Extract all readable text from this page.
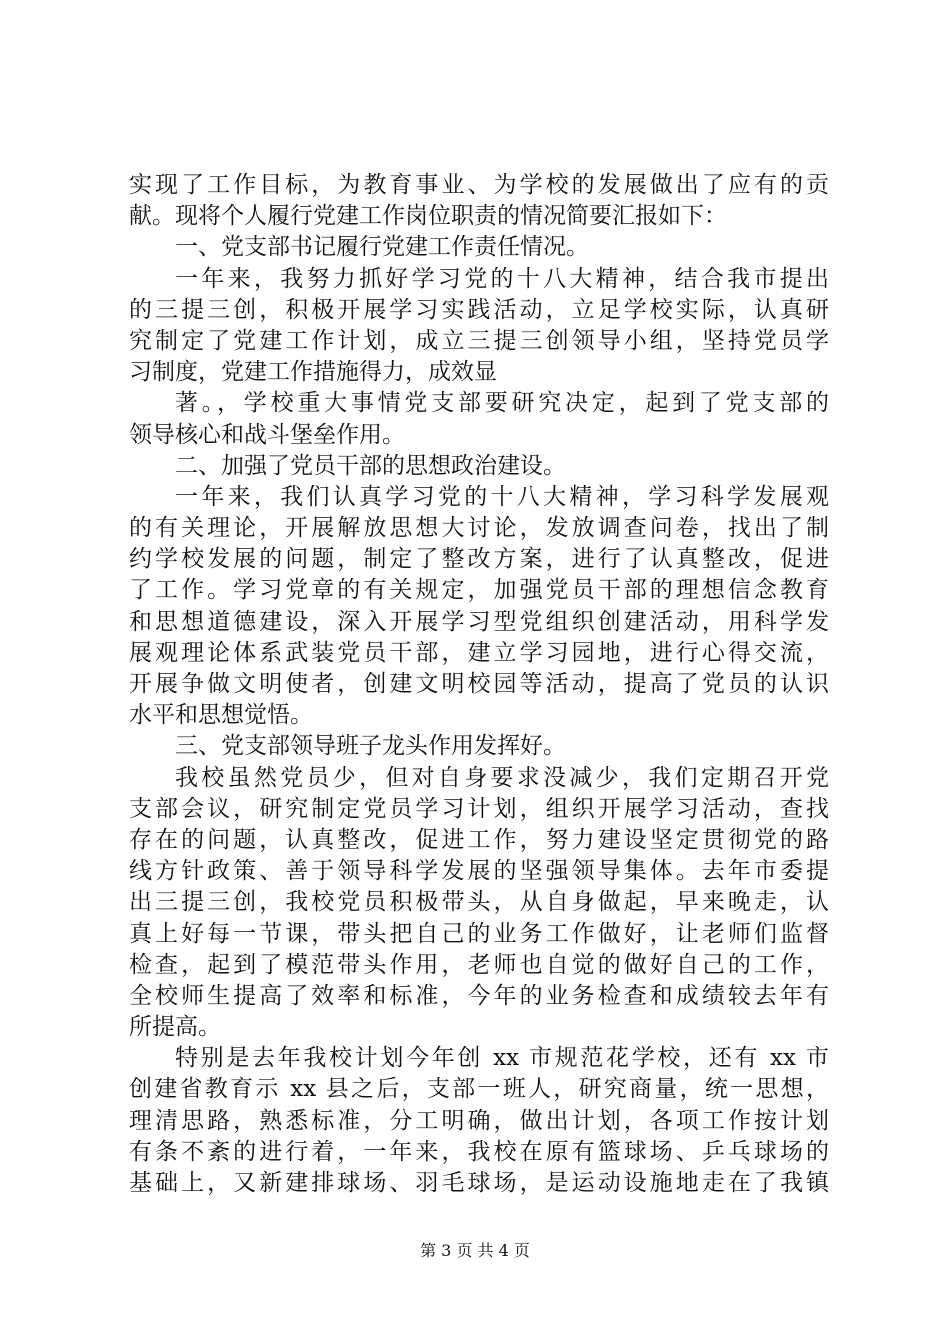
实现了工作目标，为教育事业、为学校的发展做出了应有的贡
献。现将个人履行党建工作岗位职责的情况简要汇报如下：
一、党支部书记履行党建工作责任情况。
一年来，我努力抓好学习党的十八大精神，结合我市提出
的三提三创，积极开展学习实践活动，立足学校实际，认真研
究制定了党建工作计划，成立三提三创领导小组，坚持党员学
习制度，党建工作措施得力，成效显
著。，学校重大事情党支部要研究决定，起到了党支部的
领导核心和战斗堡垒作用。
二、加强了党员干部的思想政治建设。
一年来，我们认真学习党的十八大精神，学习科学发展观
的有关理论，开展解放思想大讨论，发放调查问卷，找出了制
约学校发展的问题，制定了整改方案，进行了认真整改，促进
了工作。学习党章的有关规定，加强党员干部的理想信念教育
和思想道德建设，深入开展学习型党组织创建活动，用科学发
展观理论体系武装党员干部，建立学习园地，进行心得交流，
开展争做文明使者，创建文明校园等活动，提高了党员的认识
水平和思想觉悟。
三、党支部领导班子龙头作用发挥好。
我校虽然党员少，但对自身要求没减少，我们定期召开党
支部会议，研究制定党员学习计划，组织开展学习活动，查找
存在的问题，认真整改，促进工作，努力建设坚定贯彻党的路
线方针政策、善于领导科学发展的坚强领导集体。去年市委提
出三提三创，我校党员积极带头，从自身做起，早来晚走，认
真上好每一节课，带头把自己的业务工作做好，让老师们监督
检查，起到了模范带头作用，老师也自觉的做好自己的工作，
全校师生提高了效率和标准，今年的业务检查和成绩较去年有
所提高。
特别是去年我校计划今年创 xx 市规范花学校，还有 xx 市
创建省教育示 xx 县之后，支部一班人，研究商量，统一思想，
理清思路，熟悉标准，分工明确，做出计划，各项工作按计划
有条不紊的进行着，一年来，我校在原有篮球场、乒乓球场的
基础上，又新建排球场、羽毛球场，是运动设施地走在了我镇
第 3 页 共 4 页
